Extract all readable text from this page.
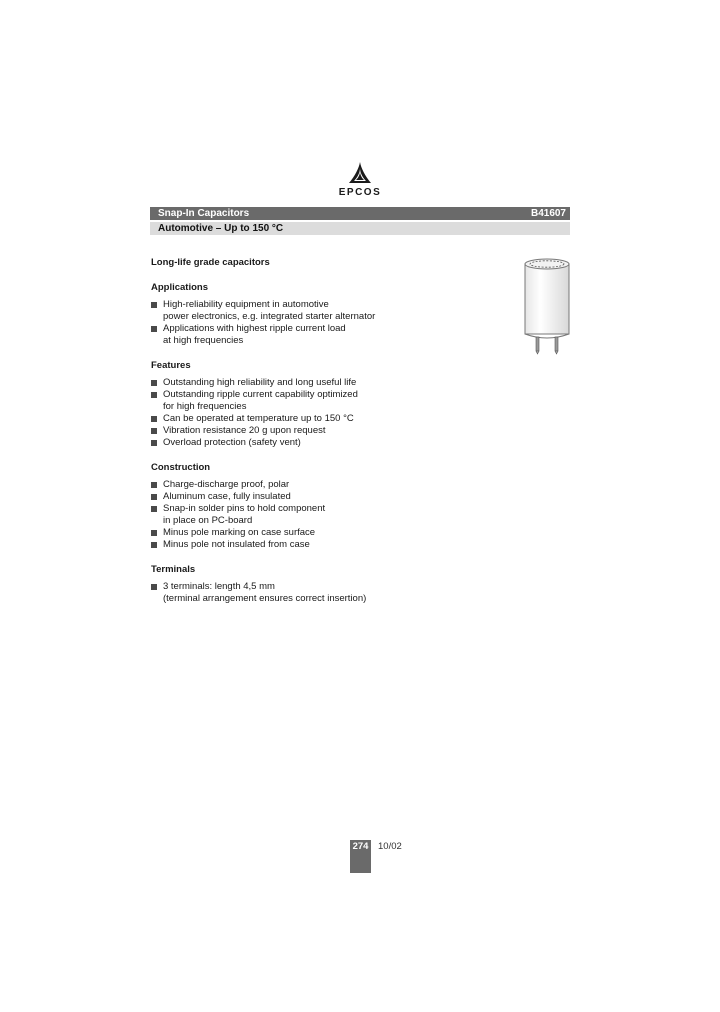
EPCOS
Snap-In Capacitors	B41607
Automotive – Up to 150 °C
Long-life grade capacitors
Applications
High-reliability equipment in automotive
power electronics, e.g. integrated starter alternator
Applications with highest ripple current load
at high frequencies
Features
Outstanding high reliability and long useful life
Outstanding ripple current capability optimized
for high frequencies
Can be operated at temperature up to 150 °C
Vibration resistance 20 g upon request
Overload protection (safety vent)
Construction
Charge-discharge proof, polar
Aluminum case, fully insulated
Snap-in solder pins to hold component
in place on PC-board
Minus pole marking on case surface
Minus pole not insulated from case
Terminals
3 terminals: length 4,5 mm
(terminal arrangement ensures correct insertion)
274 10/02
